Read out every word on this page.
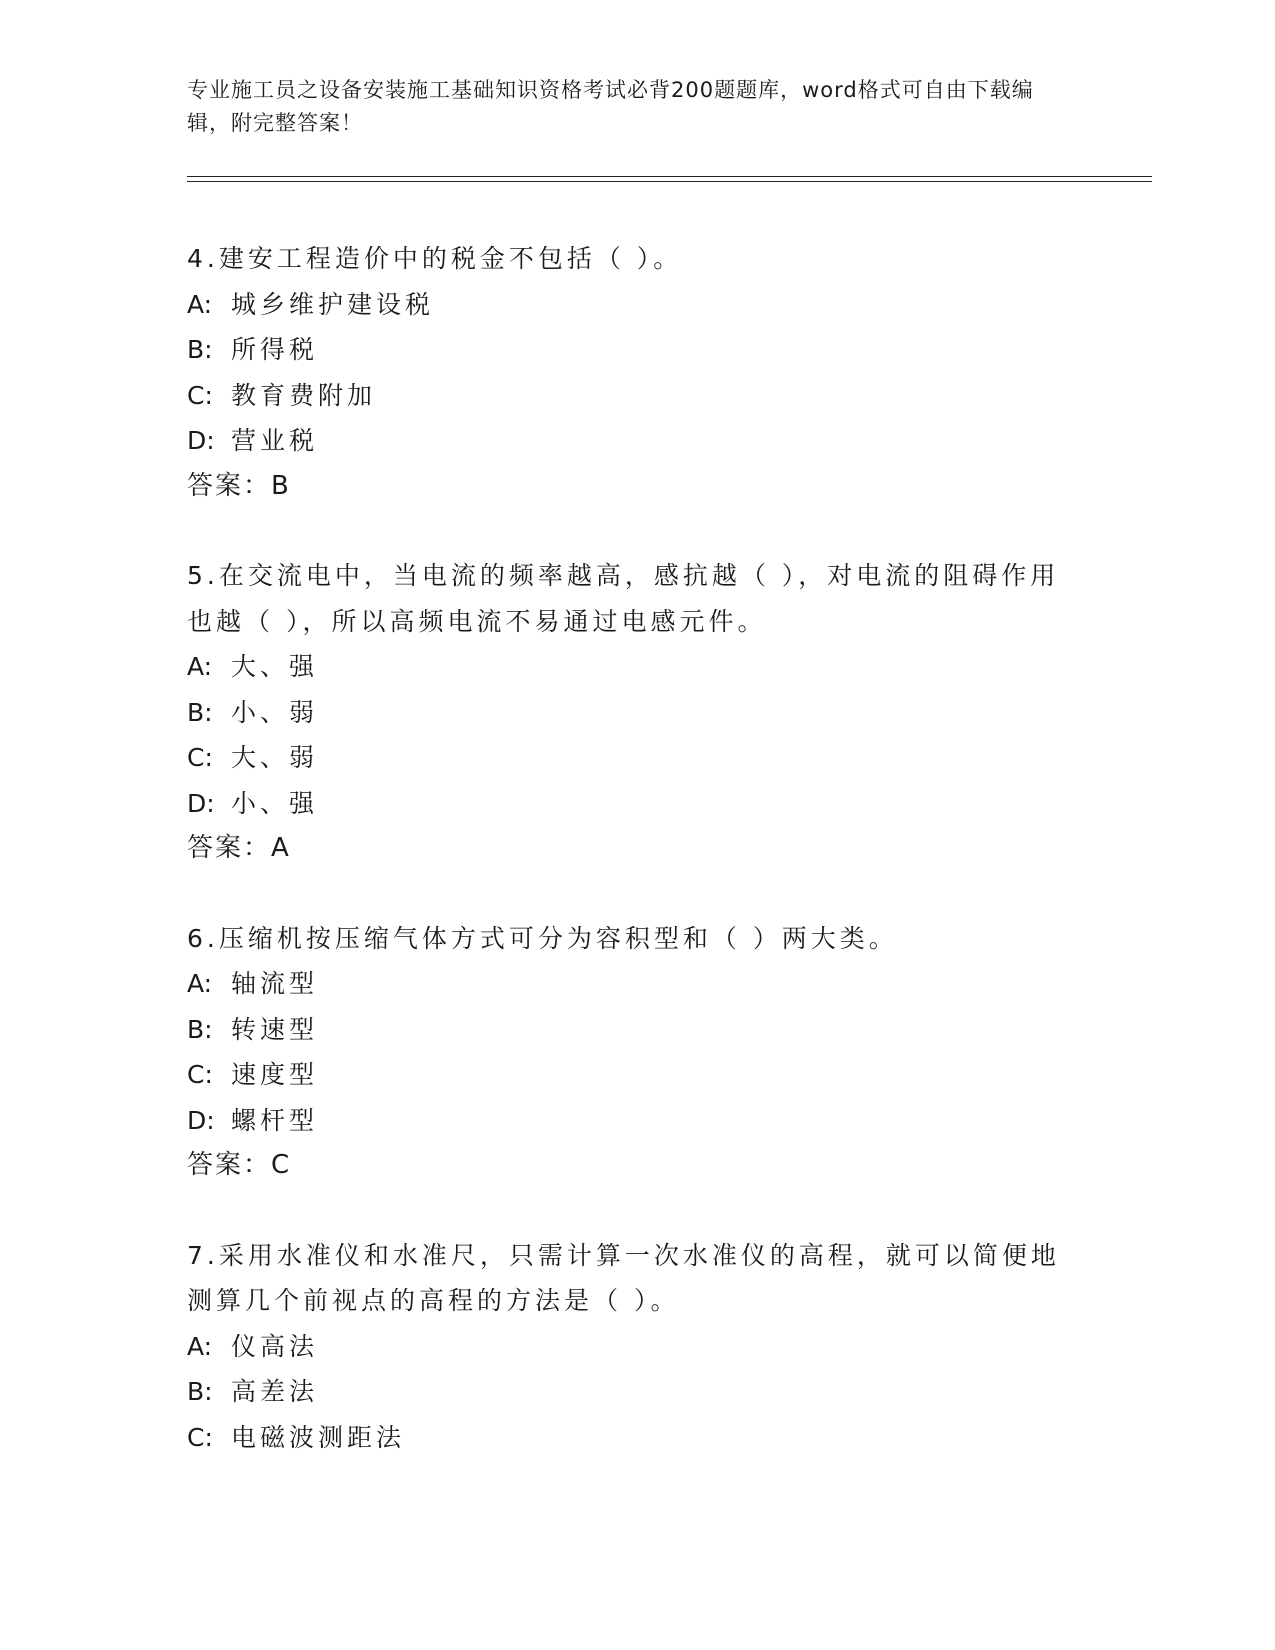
专业施工员之设备安装施工基础知识资格考试必背200题题库，word格式可自由下载编辑，附完整答案！
4.建安工程造价中的税金不包括（ ）。
A: 城乡维护建设税
B: 所得税
C: 教育费附加
D: 营业税
答案：B
5.在交流电中，当电流的频率越高，感抗越（ ），对电流的阻碍作用
也越（ ），所以高频电流不易通过电感元件。
A: 大、强
B: 小、弱
C: 大、弱
D: 小、强
答案：A
6.压缩机按压缩气体方式可分为容积型和（ ）两大类。
A: 轴流型
B: 转速型
C: 速度型
D: 螺杆型
答案：C
7.采用水准仪和水准尺，只需计算一次水准仪的高程，就可以简便地
测算几个前视点的高程的方法是（ ）。
A: 仪高法
B: 高差法
C: 电磁波测距法
